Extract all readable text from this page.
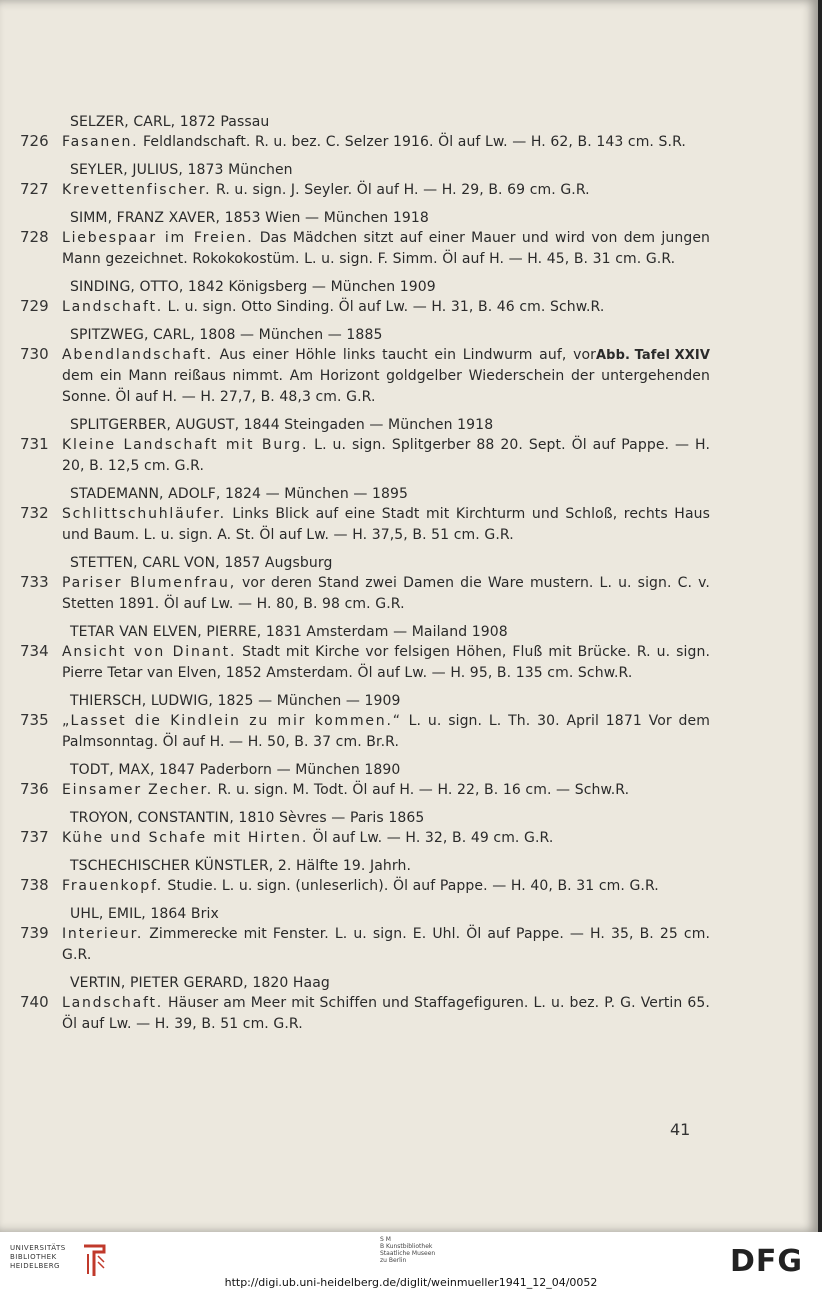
726
SELZER, CARL, 1872 Passau
Fasanen. Feldlandschaft. R. u. bez. C. Selzer 1916. Öl auf Lw. — H. 62, B. 143 cm. S.R.
727
SEYLER, JULIUS, 1873 München
Krevettenfischer. R. u. sign. J. Seyler. Öl auf H. — H. 29, B. 69 cm. G.R.
728
SIMM, FRANZ XAVER, 1853 Wien — München 1918
Liebespaar im Freien. Das Mädchen sitzt auf einer Mauer und wird von dem jungen Mann gezeichnet. Rokokokostüm. L. u. sign. F. Simm. Öl auf H. — H. 45, B. 31 cm. G.R.
729
SINDING, OTTO, 1842 Königsberg — München 1909
Landschaft. L. u. sign. Otto Sinding. Öl auf Lw. — H. 31, B. 46 cm. Schw.R.
730
SPITZWEG, CARL, 1808 — München — 1885
Abb. Tafel XXIV
Abendlandschaft. Aus einer Höhle links taucht ein Lindwurm auf, vor dem ein Mann reißaus nimmt. Am Horizont goldgelber Wiederschein der untergehenden Sonne. Öl auf H. — H. 27,7, B. 48,3 cm. G.R.
731
SPLITGERBER, AUGUST, 1844 Steingaden — München 1918
Kleine Landschaft mit Burg. L. u. sign. Splitgerber 88 20. Sept. Öl auf Pappe. — H. 20, B. 12,5 cm. G.R.
732
STADEMANN, ADOLF, 1824 — München — 1895
Schlittschuhläufer. Links Blick auf eine Stadt mit Kirchturm und Schloß, rechts Haus und Baum. L. u. sign. A. St. Öl auf Lw. — H. 37,5, B. 51 cm. G.R.
733
STETTEN, CARL VON, 1857 Augsburg
Pariser Blumenfrau, vor deren Stand zwei Damen die Ware mustern. L. u. sign. C. v. Stetten 1891. Öl auf Lw. — H. 80, B. 98 cm. G.R.
734
TETAR VAN ELVEN, PIERRE, 1831 Amsterdam — Mailand 1908
Ansicht von Dinant. Stadt mit Kirche vor felsigen Höhen, Fluß mit Brücke. R. u. sign. Pierre Tetar van Elven, 1852 Amsterdam. Öl auf Lw. — H. 95, B. 135 cm. Schw.R.
735
THIERSCH, LUDWIG, 1825 — München — 1909
„Lasset die Kindlein zu mir kommen.“ L. u. sign. L. Th. 30. April 1871 Vor dem Palmsonntag. Öl auf H. — H. 50, B. 37 cm. Br.R.
736
TODT, MAX, 1847 Paderborn — München 1890
Einsamer Zecher. R. u. sign. M. Todt. Öl auf H. — H. 22, B. 16 cm. — Schw.R.
737
TROYON, CONSTANTIN, 1810 Sèvres — Paris 1865
Kühe und Schafe mit Hirten. Öl auf Lw. — H. 32, B. 49 cm. G.R.
738
TSCHECHISCHER KÜNSTLER, 2. Hälfte 19. Jahrh.
Frauenkopf. Studie. L. u. sign. (unleserlich). Öl auf Pappe. — H. 40, B. 31 cm. G.R.
739
UHL, EMIL, 1864 Brix
Interieur. Zimmerecke mit Fenster. L. u. sign. E. Uhl. Öl auf Pappe. — H. 35, B. 25 cm. G.R.
740
VERTIN, PIETER GERARD, 1820 Haag
Landschaft. Häuser am Meer mit Schiffen und Staffagefiguren. L. u. bez. P. G. Vertin 65. Öl auf Lw. — H. 39, B. 51 cm. G.R.
41
UNIVERSITÄTS
BIBLIOTHEK
HEIDELBERG
S M
B Kunstbibliothek
Staatliche Museen
zu Berlin	DFG
http://digi.ub.uni-heidelberg.de/diglit/weinmueller1941_12_04/0052
